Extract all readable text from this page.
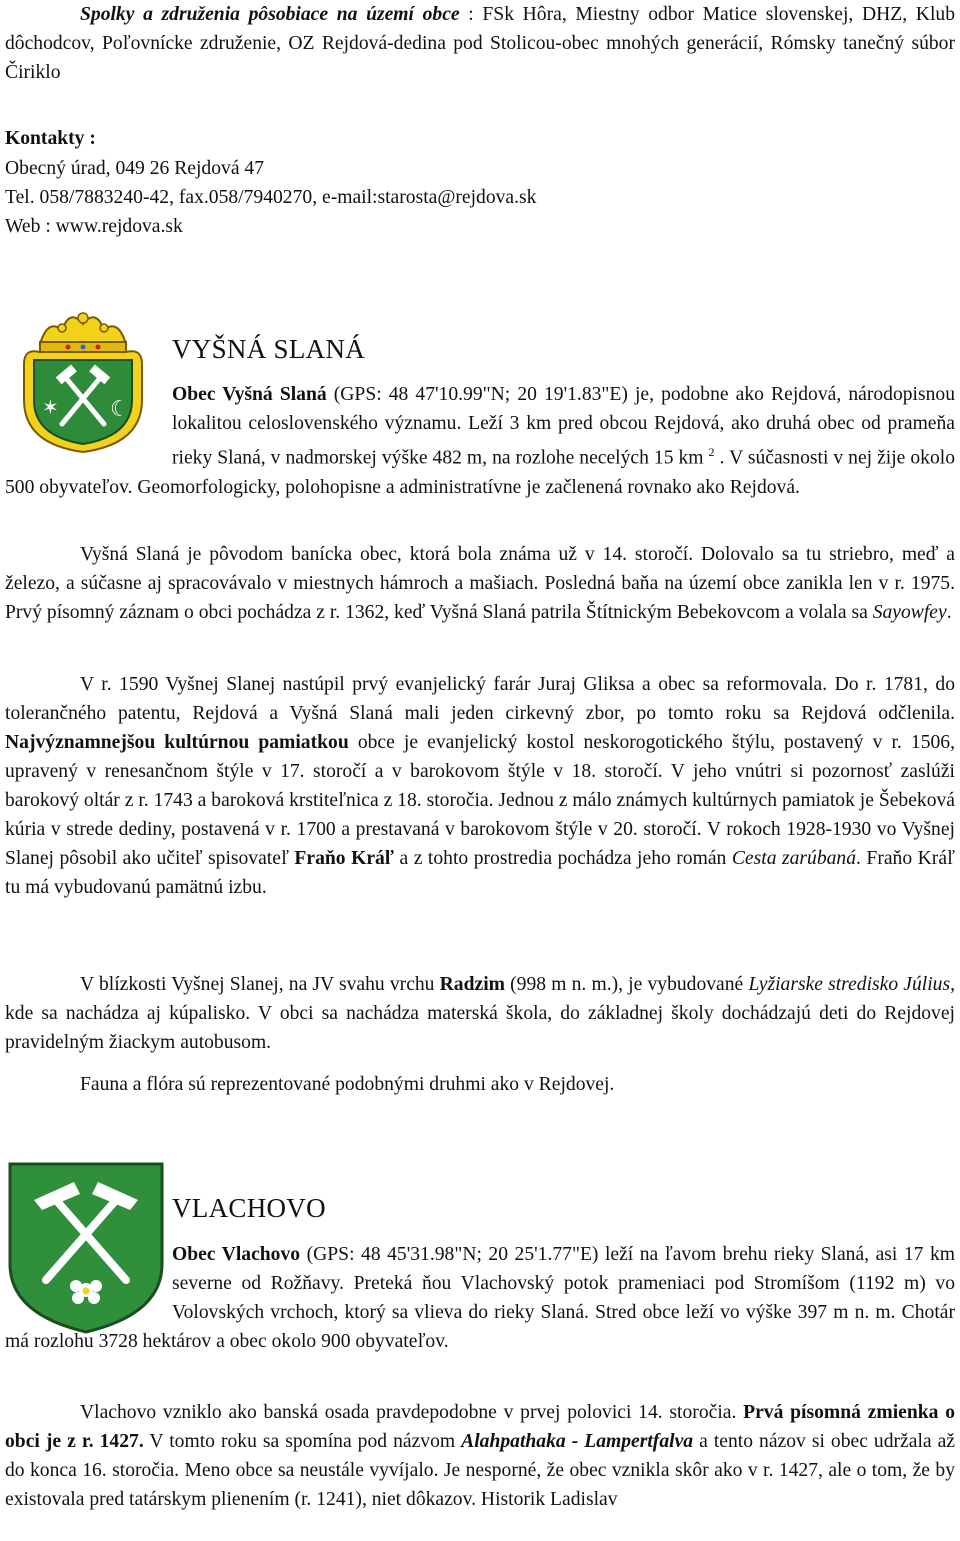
Spolky a združenia pôsobiace na území obce : FSk Hôra, Miestny odbor Matice slovenskej, DHZ, Klub dôchodcov, Poľovnícke združenie, OZ Rejdová-dedina pod Stolicou-obec mnohých generácií, Rómsky tanečný súbor Čiriklo

Kontakty :

Obecný úrad, 049 26 Rejdová 47

Tel. 058/7883240-42, fax.058/7940270, e-mail:starosta@rejdova.sk

Web : www.rejdova.sk

✶ ☾
VYŠNÁ SLANÁ

Obec Vyšná Slaná (GPS: 48 47'10.99"N; 20 19'1.83"E) je, podobne ako Rejdová, národopisnou lokalitou celoslovenského významu. Leží 3 km pred obcou Rejdová, ako druhá obec od prameňa rieky Slaná, v nadmorskej výške 482 m, na rozlohe necelých 15 km $^2$ . V súčasnosti v nej žije okolo 500 obyvateľov. Geomorfologicky, polohopisne a administratívne je začlenená rovnako ako Rejdová.

Vyšná Slaná je pôvodom banícka obec, ktorá bola známa už v 14. storočí. Dolovalo sa tu striebro, meď a železo, a súčasne aj spracovávalo v miestnych hámroch a mašiach. Posledná baňa na území obce zanikla len v r. 1975. Prvý písomný záznam o obci pochádza z r. 1362, keď Vyšná Slaná patrila Štítnickým Bebekovcom a volala sa Sayowfey.

V r. 1590 Vyšnej Slanej nastúpil prvý evanjelický farár Juraj Gliksa a obec sa reformovala. Do r. 1781, do tolerančného patentu, Rejdová a Vyšná Slaná mali jeden cirkevný zbor, po tomto roku sa Rejdová odčlenila. Najvýznamnejšou kultúrnou pamiatkou obce je evanjelický kostol neskorogotického štýlu, postavený v r. 1506, upravený v renesančnom štýle v 17. storočí a v barokovom štýle v 18. storočí. V jeho vnútri si pozornosť zaslúži barokový oltár z r. 1743 a baroková krstiteľnica z 18. storočia. Jednou z málo známych kultúrnych pamiatok je Šebeková kúria v strede dediny, postavená v r. 1700 a prestavaná v barokovom štýle v 20. storočí. V rokoch 1928-1930 vo Vyšnej Slanej pôsobil ako učiteľ spisovateľ Fraňo Kráľ a z tohto prostredia pochádza jeho román Cesta zarúbaná. Fraňo Kráľ tu má vybudovanú pamätnú izbu.

V blízkosti Vyšnej Slanej, na JV svahu vrchu Radzim (998 m n. m.), je vybudované Lyžiarske stredisko Július, kde sa nachádza aj kúpalisko. V obci sa nachádza materská škola, do základnej školy dochádzajú deti do Rejdovej pravidelným žiackym autobusom.

Fauna a flóra sú reprezentované podobnými druhmi ako v Rejdovej.

VLACHOVO

Obec Vlachovo (GPS: 48 45'31.98"N; 20 25'1.77"E) leží na ľavom brehu rieky Slaná, asi 17 km severne od Rožňavy. Preteká ňou Vlachovský potok prameniaci pod Stromíšom (1192 m) vo Volovských vrchoch, ktorý sa vlieva do rieky Slaná. Stred obce leží vo výške 397 m n. m. Chotár má rozlohu 3728 hektárov a obec okolo 900 obyvateľov.

Vlachovo vzniklo ako banská osada pravdepodobne v prvej polovici 14. storočia. Prvá písomná zmienka o obci je z r. 1427. V tomto roku sa spomína pod názvom Alahpathaka - Lampertfalva a tento názov si obec udržala až do konca 16. storočia. Meno obce sa neustále vyvíjalo. Je nesporné, že obec vznikla skôr ako v r. 1427, ale o tom, že by existovala pred tatárskym plienením (r. 1241), niet dôkazov. Historik Ladislav
